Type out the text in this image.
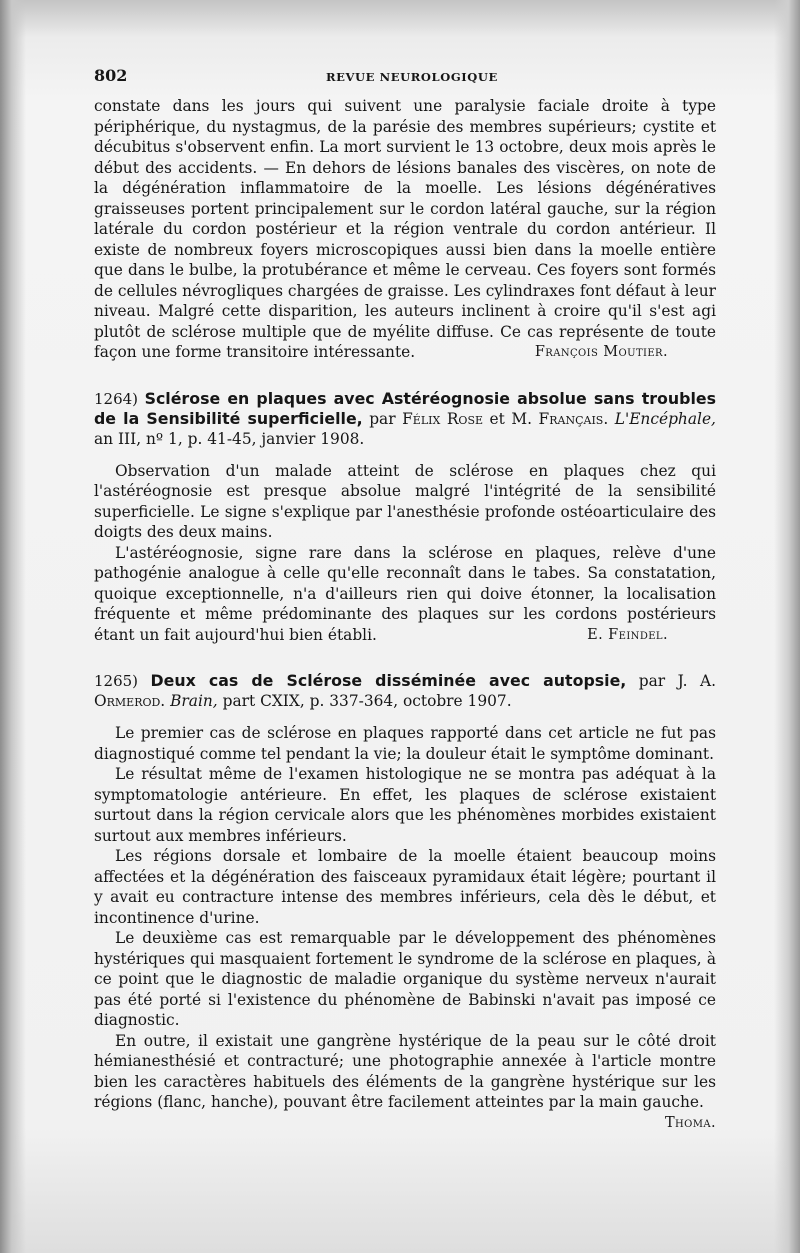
802	REVUE NEUROLOGIQUE

constate dans les jours qui suivent une paralysie faciale droite à type périphérique, du nystagmus, de la parésie des membres supérieurs; cystite et décubitus s'observent enfin. La mort survient le 13 octobre, deux mois après le début des accidents. — En dehors de lésions banales des viscères, on note de la dégénération inflammatoire de la moelle. Les lésions dégénératives graisseuses portent principalement sur le cordon latéral gauche, sur la région latérale du cordon postérieur et la région ventrale du cordon antérieur. Il existe de nombreux foyers microscopiques aussi bien dans la moelle entière que dans le bulbe, la protubérance et même le cerveau. Ces foyers sont formés de cellules névrogliques chargées de graisse. Les cylindraxes font défaut à leur niveau. Malgré cette disparition, les auteurs inclinent à croire qu'il s'est agi plutôt de sclérose multiple que de myélite diffuse. Ce cas représente de toute façon une forme transitoire intéressante.	François Moutier.

1264) Sclérose en plaques avec Astéréognosie absolue sans troubles de la Sensibilité superficielle, par Félix Rose et M. Français. L'Encéphale, an III, nº 1, p. 41-45, janvier 1908.

Observation d'un malade atteint de sclérose en plaques chez qui l'astéréognosie est presque absolue malgré l'intégrité de la sensibilité superficielle. Le signe s'explique par l'anesthésie profonde ostéoarticulaire des doigts des deux mains.

L'astéréognosie, signe rare dans la sclérose en plaques, relève d'une pathogénie analogue à celle qu'elle reconnaît dans le tabes. Sa constatation, quoique exceptionnelle, n'a d'ailleurs rien qui doive étonner, la localisation fréquente et même prédominante des plaques sur les cordons postérieurs étant un fait aujourd'hui bien établi.	E. Feindel.

1265) Deux cas de Sclérose disséminée avec autopsie, par J. A. Ormerod. Brain, part CXIX, p. 337-364, octobre 1907.

Le premier cas de sclérose en plaques rapporté dans cet article ne fut pas diagnostiqué comme tel pendant la vie; la douleur était le symptôme dominant.

Le résultat même de l'examen histologique ne se montra pas adéquat à la symptomatologie antérieure. En effet, les plaques de sclérose existaient surtout dans la région cervicale alors que les phénomènes morbides existaient surtout aux membres inférieurs.

Les régions dorsale et lombaire de la moelle étaient beaucoup moins affectées et la dégénération des faisceaux pyramidaux était légère; pourtant il y avait eu contracture intense des membres inférieurs, cela dès le début, et incontinence d'urine.

Le deuxième cas est remarquable par le développement des phénomènes hystériques qui masquaient fortement le syndrome de la sclérose en plaques, à ce point que le diagnostic de maladie organique du système nerveux n'aurait pas été porté si l'existence du phénomène de Babinski n'avait pas imposé ce diagnostic.

En outre, il existait une gangrène hystérique de la peau sur le côté droit hémianesthésié et contracturé; une photographie annexée à l'article montre bien les caractères habituels des éléments de la gangrène hystérique sur les régions (flanc, hanche), pouvant être facilement atteintes par la main gauche.

Thoma.
